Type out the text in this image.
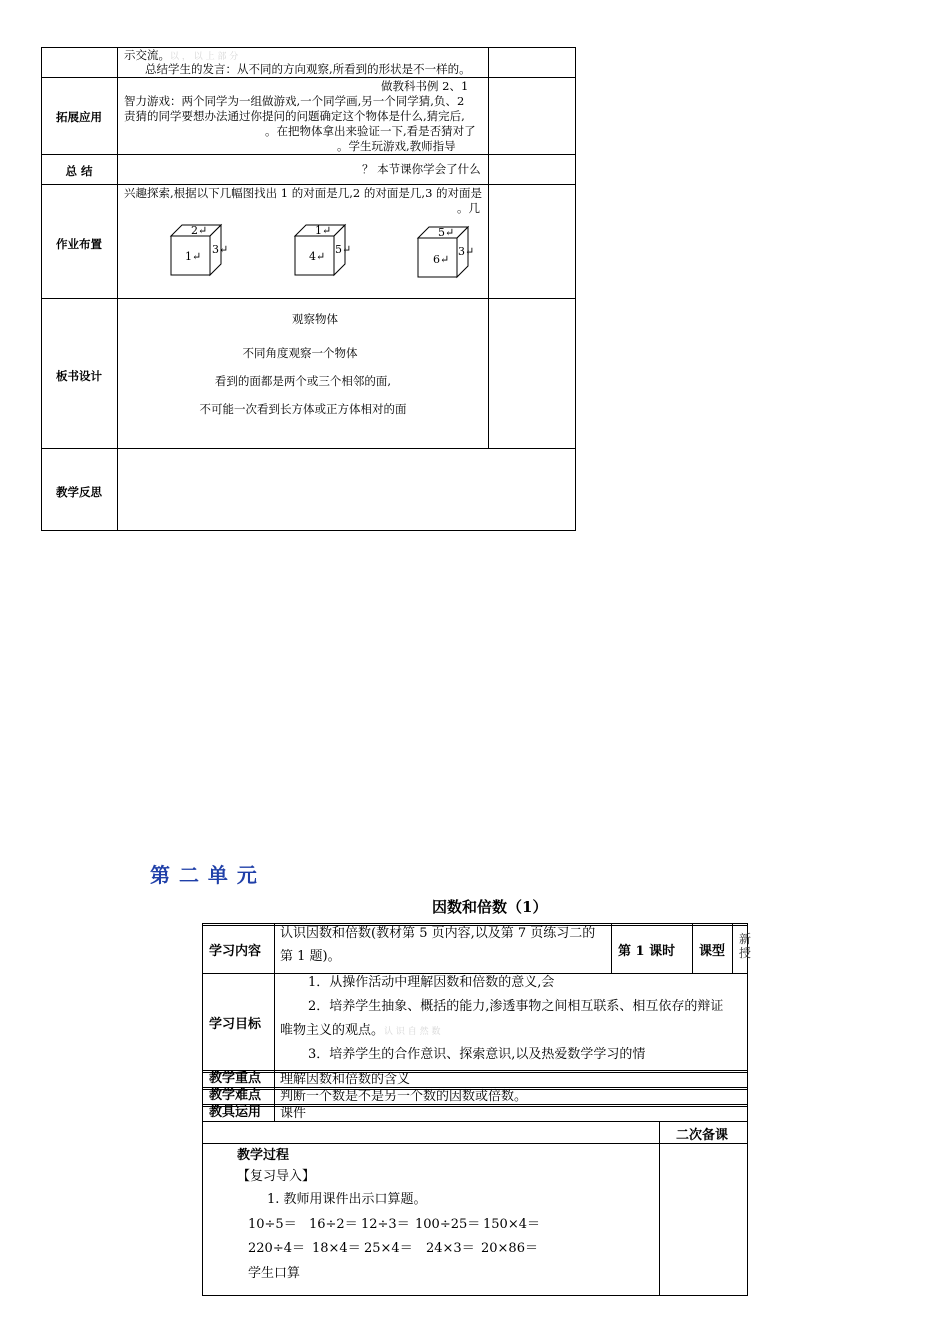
示交流。以 ， 以 上 部 分
总结学生的发言：从不同的方向观察,所看到的形状是不一样的。
拓展应用
做教科书例 2、1
智力游戏：两个同学为一组做游戏,一个同学画,另一个同学猜,负、2
责猜的同学要想办法通过你提问的问题确定这个物体是什么,猜完后,
。在把物体拿出来验证一下,看是否猜对了
。学生玩游戏,教师指导
总 结	？ 本节课你学会了什么
作业布置
兴趣探索,根据以下几幅图找出 1 的对面是几,2 的对面是几,3 的对面是
。几
2↵
1↵
3↵
1↵
4↵
5↵
5↵
6↵
3↵
板书设计
观察物体
不同角度观察一个物体
看到的面都是两个或三个相邻的面,
不可能一次看到长方体或正方体相对的面
教学反思
第 二 单 元
因数和倍数（1）
学习内容
认识因数和倍数(教材第 5 页内容,以及第 7 页练习二的
第 1 题)。	第 1 课时 课型
新
授
学习目标
1．从操作活动中理解因数和倍数的意义,会
2．培养学生抽象、概括的能力,渗透事物之间相互联系、相互依存的辩证
唯物主义的观点。认 识 自 然 数
3．培养学生的合作意识、探索意识,以及热爱数学学习的情
教学重点 理解因数和倍数的含义
教学难点 判断一个数是不是另一个数的因数或倍数。
教具运用 课件
二次备课
教学过程
【复习导入】
1. 教师用课件出示口算题。
10÷5＝ 16÷2＝ 12÷3＝ 100÷25＝ 150×4＝
220÷4＝ 18×4＝ 25×4＝ 24×3＝ 20×86＝
学生口算
